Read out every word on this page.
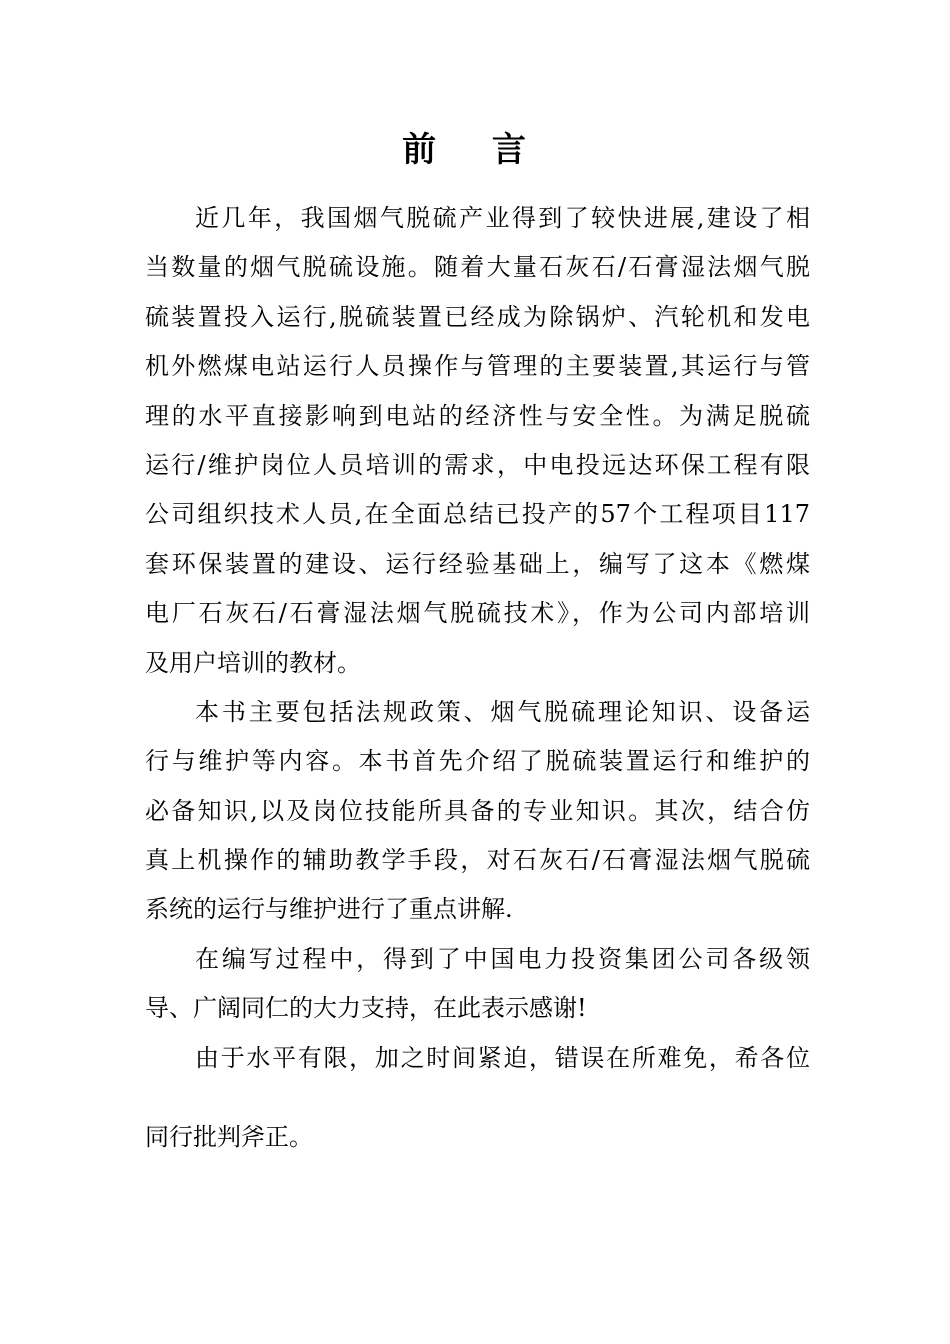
前 言
近几年，我国烟气脱硫产业得到了较快进展,建设了相
当数量的烟气脱硫设施。随着大量石灰石/石膏湿法烟气脱
硫装置投入运行,脱硫装置已经成为除锅炉、汽轮机和发电
机外燃煤电站运行人员操作与管理的主要装置,其运行与管
理的水平直接影响到电站的经济性与安全性。为满足脱硫
运行/维护岗位人员培训的需求，中电投远达环保工程有限
公司组织技术人员,在全面总结已投产的57个工程项目117
套环保装置的建设、运行经验基础上，编写了这本《燃煤
电厂石灰石/石膏湿法烟气脱硫技术》，作为公司内部培训
及用户培训的教材。
本书主要包括法规政策、烟气脱硫理论知识、设备运
行与维护等内容。本书首先介绍了脱硫装置运行和维护的
必备知识,以及岗位技能所具备的专业知识。其次，结合仿
真上机操作的辅助教学手段，对石灰石/石膏湿法烟气脱硫
系统的运行与维护进行了重点讲解.
在编写过程中，得到了中国电力投资集团公司各级领
导、广阔同仁的大力支持，在此表示感谢!
由于水平有限，加之时间紧迫，错误在所难免，希各位
同行批判斧正。
